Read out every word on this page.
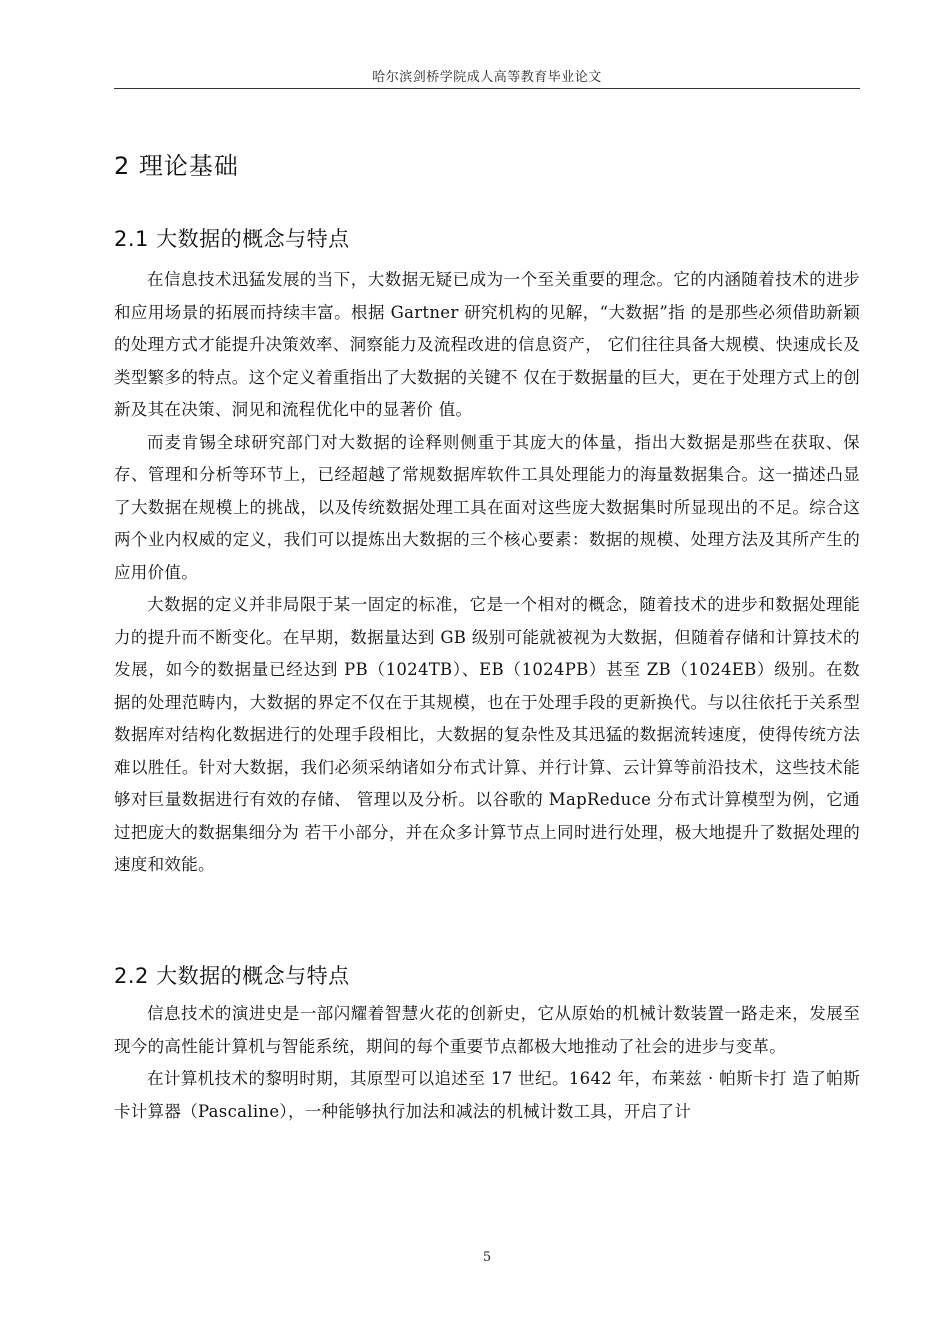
哈尔滨剑桥学院成人高等教育毕业论文
2 理论基础
2.1 大数据的概念与特点

在信息技术迅猛发展的当下，大数据无疑已成为一个至关重要的理念。它的内涵随着技术的进步和应用场景的拓展而持续丰富。根据 Gartner 研究机构的见解，“大数据”指 的是那些必须借助新颖的处理方式才能提升决策效率、洞察能力及流程改进的信息资产， 它们往往具备大规模、快速成长及类型繁多的特点。这个定义着重指出了大数据的关键不 仅在于数据量的巨大，更在于处理方式上的创新及其在决策、洞见和流程优化中的显著价 值。

而麦肯锡全球研究部门对大数据的诠释则侧重于其庞大的体量，指出大数据是那些在获取、保存、管理和分析等环节上，已经超越了常规数据库软件工具处理能力的海量数据集合。这一描述凸显了大数据在规模上的挑战，以及传统数据处理工具在面对这些庞大数据集时所显现出的不足。综合这两个业内权威的定义，我们可以提炼出大数据的三个核心要素：数据的规模、处理方法及其所产生的应用价值。

大数据的定义并非局限于某一固定的标准，它是一个相对的概念，随着技术的进步和数据处理能力的提升而不断变化。在早期，数据量达到 GB 级别可能就被视为大数据，但随着存储和计算技术的发展，如今的数据量已经达到 PB（1024TB）、EB（1024PB）甚至 ZB（1024EB）级别。在数据的处理范畴内，大数据的界定不仅在于其规模，也在于处理手段的更新换代。与以往依托于关系型数据库对结构化数据进行的处理手段相比，大数据的复杂性及其迅猛的数据流转速度，使得传统方法难以胜任。针对大数据，我们必须采纳诸如分布式计算、并行计算、云计算等前沿技术，这些技术能够对巨量数据进行有效的存储、 管理以及分析。以谷歌的 MapReduce 分布式计算模型为例，它通过把庞大的数据集细分为 若干小部分，并在众多计算节点上同时进行处理，极大地提升了数据处理的速度和效能。

2.2 大数据的概念与特点

信息技术的演进史是一部闪耀着智慧火花的创新史，它从原始的机械计数装置一路走来，发展至现今的高性能计算机与智能系统，期间的每个重要节点都极大地推动了社会的进步与变革。

在计算机技术的黎明时期，其原型可以追述至 17 世纪。1642 年，布莱兹 · 帕斯卡打 造了帕斯卡计算器（Pascaline），一种能够执行加法和减法的机械计数工具，开启了计

5
